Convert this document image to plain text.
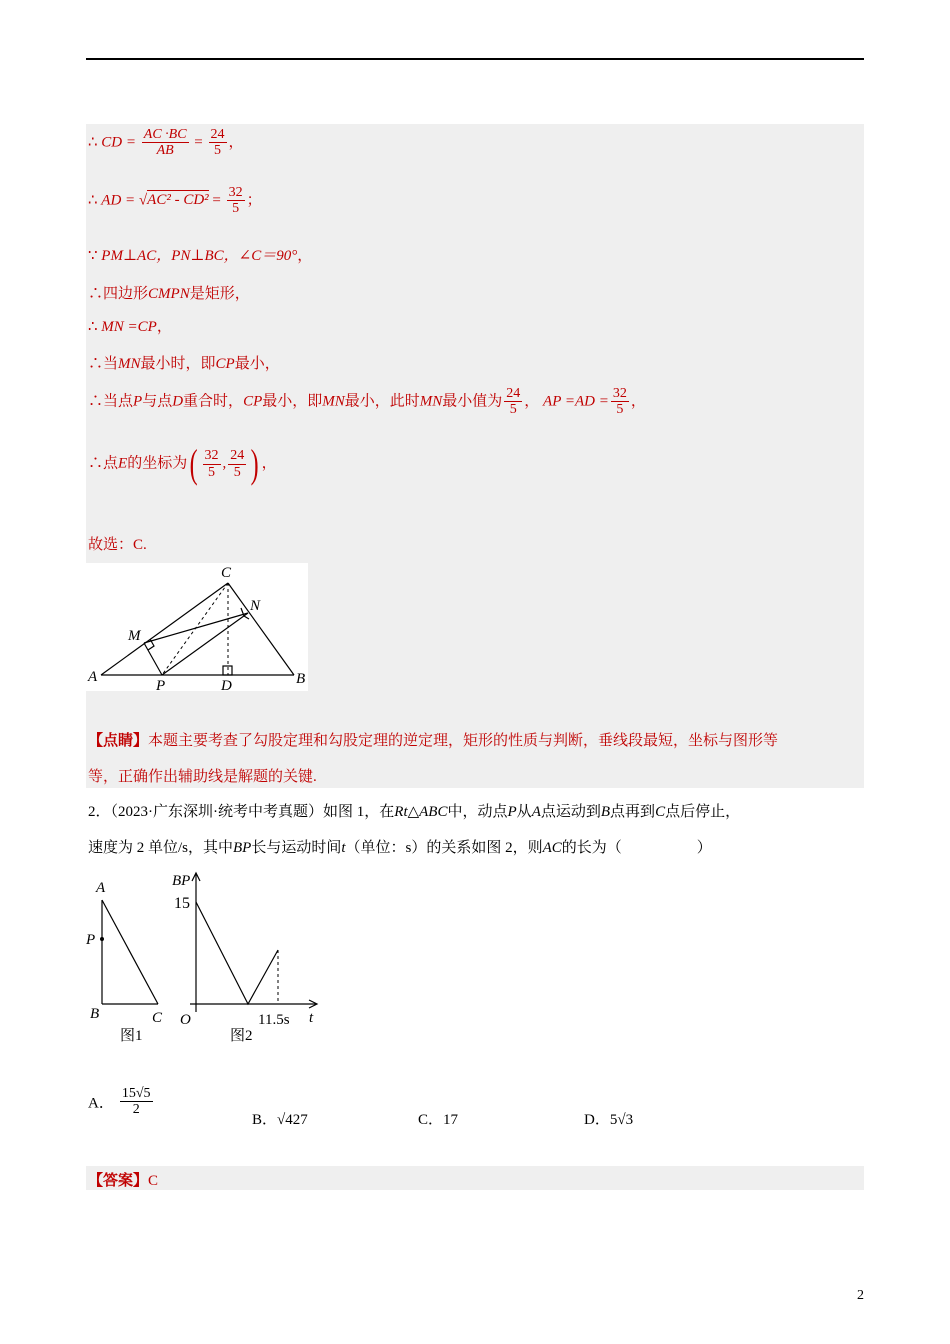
∴ CD = $\frac{AC \cdot BC}{AB} = \frac{24}{5}$ ，
∴ AD = $√AC^2 - CD^2 = \frac{32}{5}$ ；
∵ PM⊥AC，PN⊥BC，∠C＝90°，
∴四边形CMPN是矩形，
∴ MN =CP，
∴当MN最小时，即CP最小，
∴当点P与点D重合时，CP最小，即MN最小，此时MN最小值为 $\frac{24}{5}$ ， AP $=AD = \frac{32}{5}$ ，
∴点E的坐标为( $\frac{32}{5}$ , $\frac{24}{5}$ ) ，
故选：C.
C
N
M
A
P	D	B
【点睛】本题主要考查了勾股定理和勾股定理的逆定理，矩形的性质与判断，垂线段最短，坐标与图形等
等，正确作出辅助线是解题的关键.
2．（2023·广东深圳·统考中考真题）如图 1，在Rt△ABC中，动点P从A点运动到B点再到C点后停止，
速度为 2 单位/s，其中BP长与运动时间t（单位：s）的关系如图 2，则AC的长为（　　　　　）
A
P
B	C
图1
BP
15
O	11.5s t
图2
A． $\frac{15√5}{2}$
B．√427	C．17	D．5√3
【答案】C
2
